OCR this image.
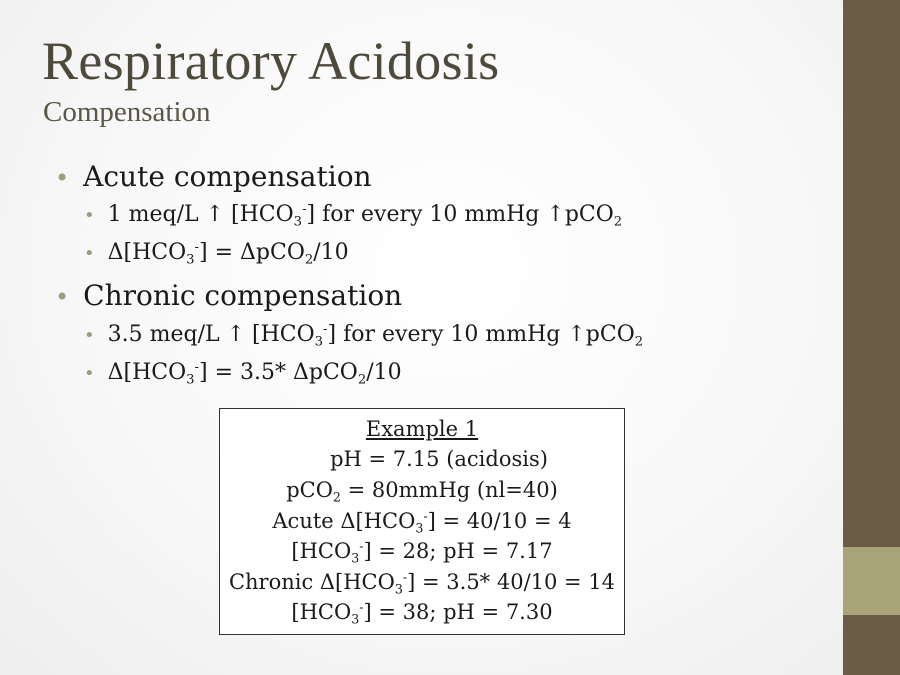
Respiratory Acidosis
Compensation
• Acute compensation
• 1 meq/L ↑ $[HCO_3^-]$ for every 10 mmHg ↑pCO$_2$
• $\Delta[HCO_3^-] = \Delta pCO_2/10$
• Chronic compensation
• 3.5 meq/L ↑ $[HCO_3^-]$ for every 10 mmHg ↑pCO$_2$
• $\Delta[HCO_3^-] = 3.5*$ ΔpCO$_2$/10
Example 1
pH = 7.15 (acidosis)
pCO$_2$ = 80mmHg (nl=40)
Acute $\Delta[HCO_3^-] = 40/10 = 4$
$[HCO_3^-] = 28$; pH = 7.17
Chronic $\Delta[HCO_3^-] = 3.5*$ 40/10 = 14
$[HCO_3^-] = 38$; pH = 7.30
